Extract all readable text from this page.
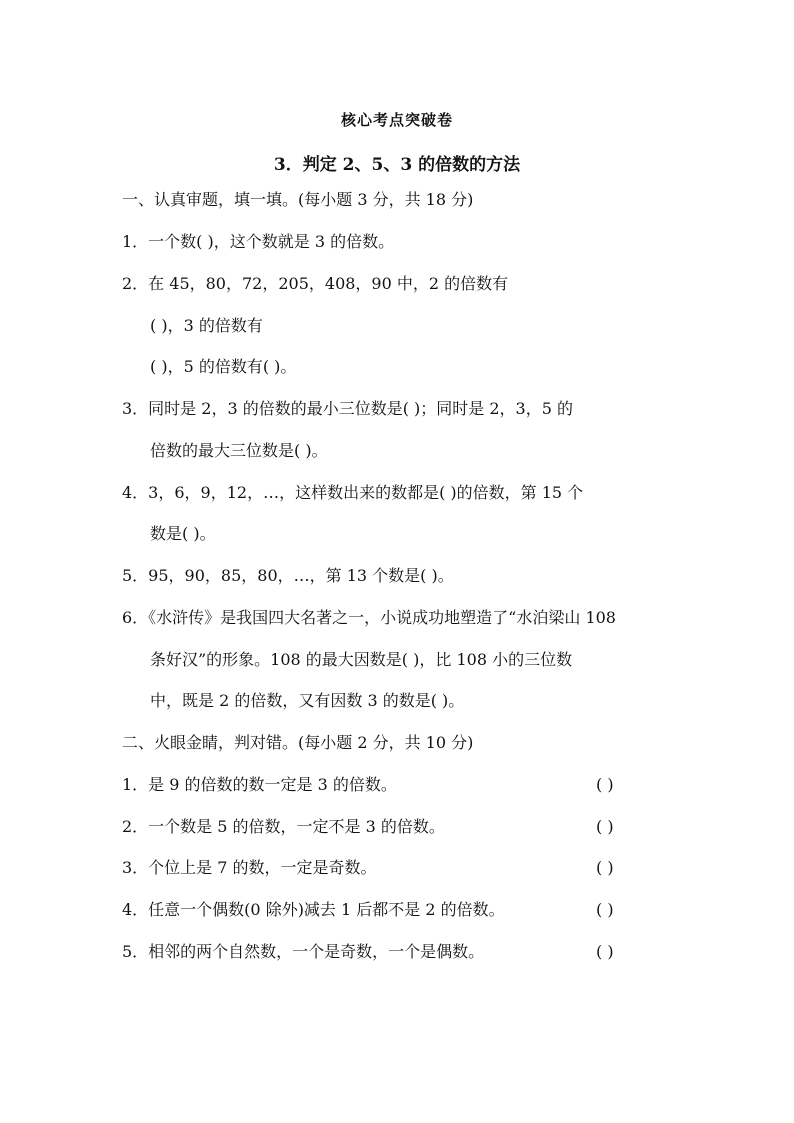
核心考点突破卷
3．判定 2、5、3 的倍数的方法
一、认真审题，填一填。(每小题 3 分，共 18 分)
1．一个数( )，这个数就是 3 的倍数。
2．在 45，80，72，205，408，90 中，2 的倍数有
( )，3 的倍数有
( )，5 的倍数有( )。
3．同时是 2，3 的倍数的最小三位数是( )；同时是 2，3，5 的
倍数的最大三位数是( )。
4．3，6，9，12，…，这样数出来的数都是( )的倍数，第 15 个
数是( )。
5．95，90，85，80，…，第 13 个数是( )。
6．《水浒传》是我国四大名著之一，小说成功地塑造了“水泊梁山 108
条好汉”的形象。108 的最大因数是( )，比 108 小的三位数
中，既是 2 的倍数，又有因数 3 的数是( )。
二、火眼金睛，判对错。(每小题 2 分，共 10 分)
1．是 9 的倍数的数一定是 3 的倍数。	( )
2．一个数是 5 的倍数，一定不是 3 的倍数。	( )
3．个位上是 7 的数，一定是奇数。	( )
4．任意一个偶数(0 除外)减去 1 后都不是 2 的倍数。	( )
5．相邻的两个自然数，一个是奇数，一个是偶数。	( )
